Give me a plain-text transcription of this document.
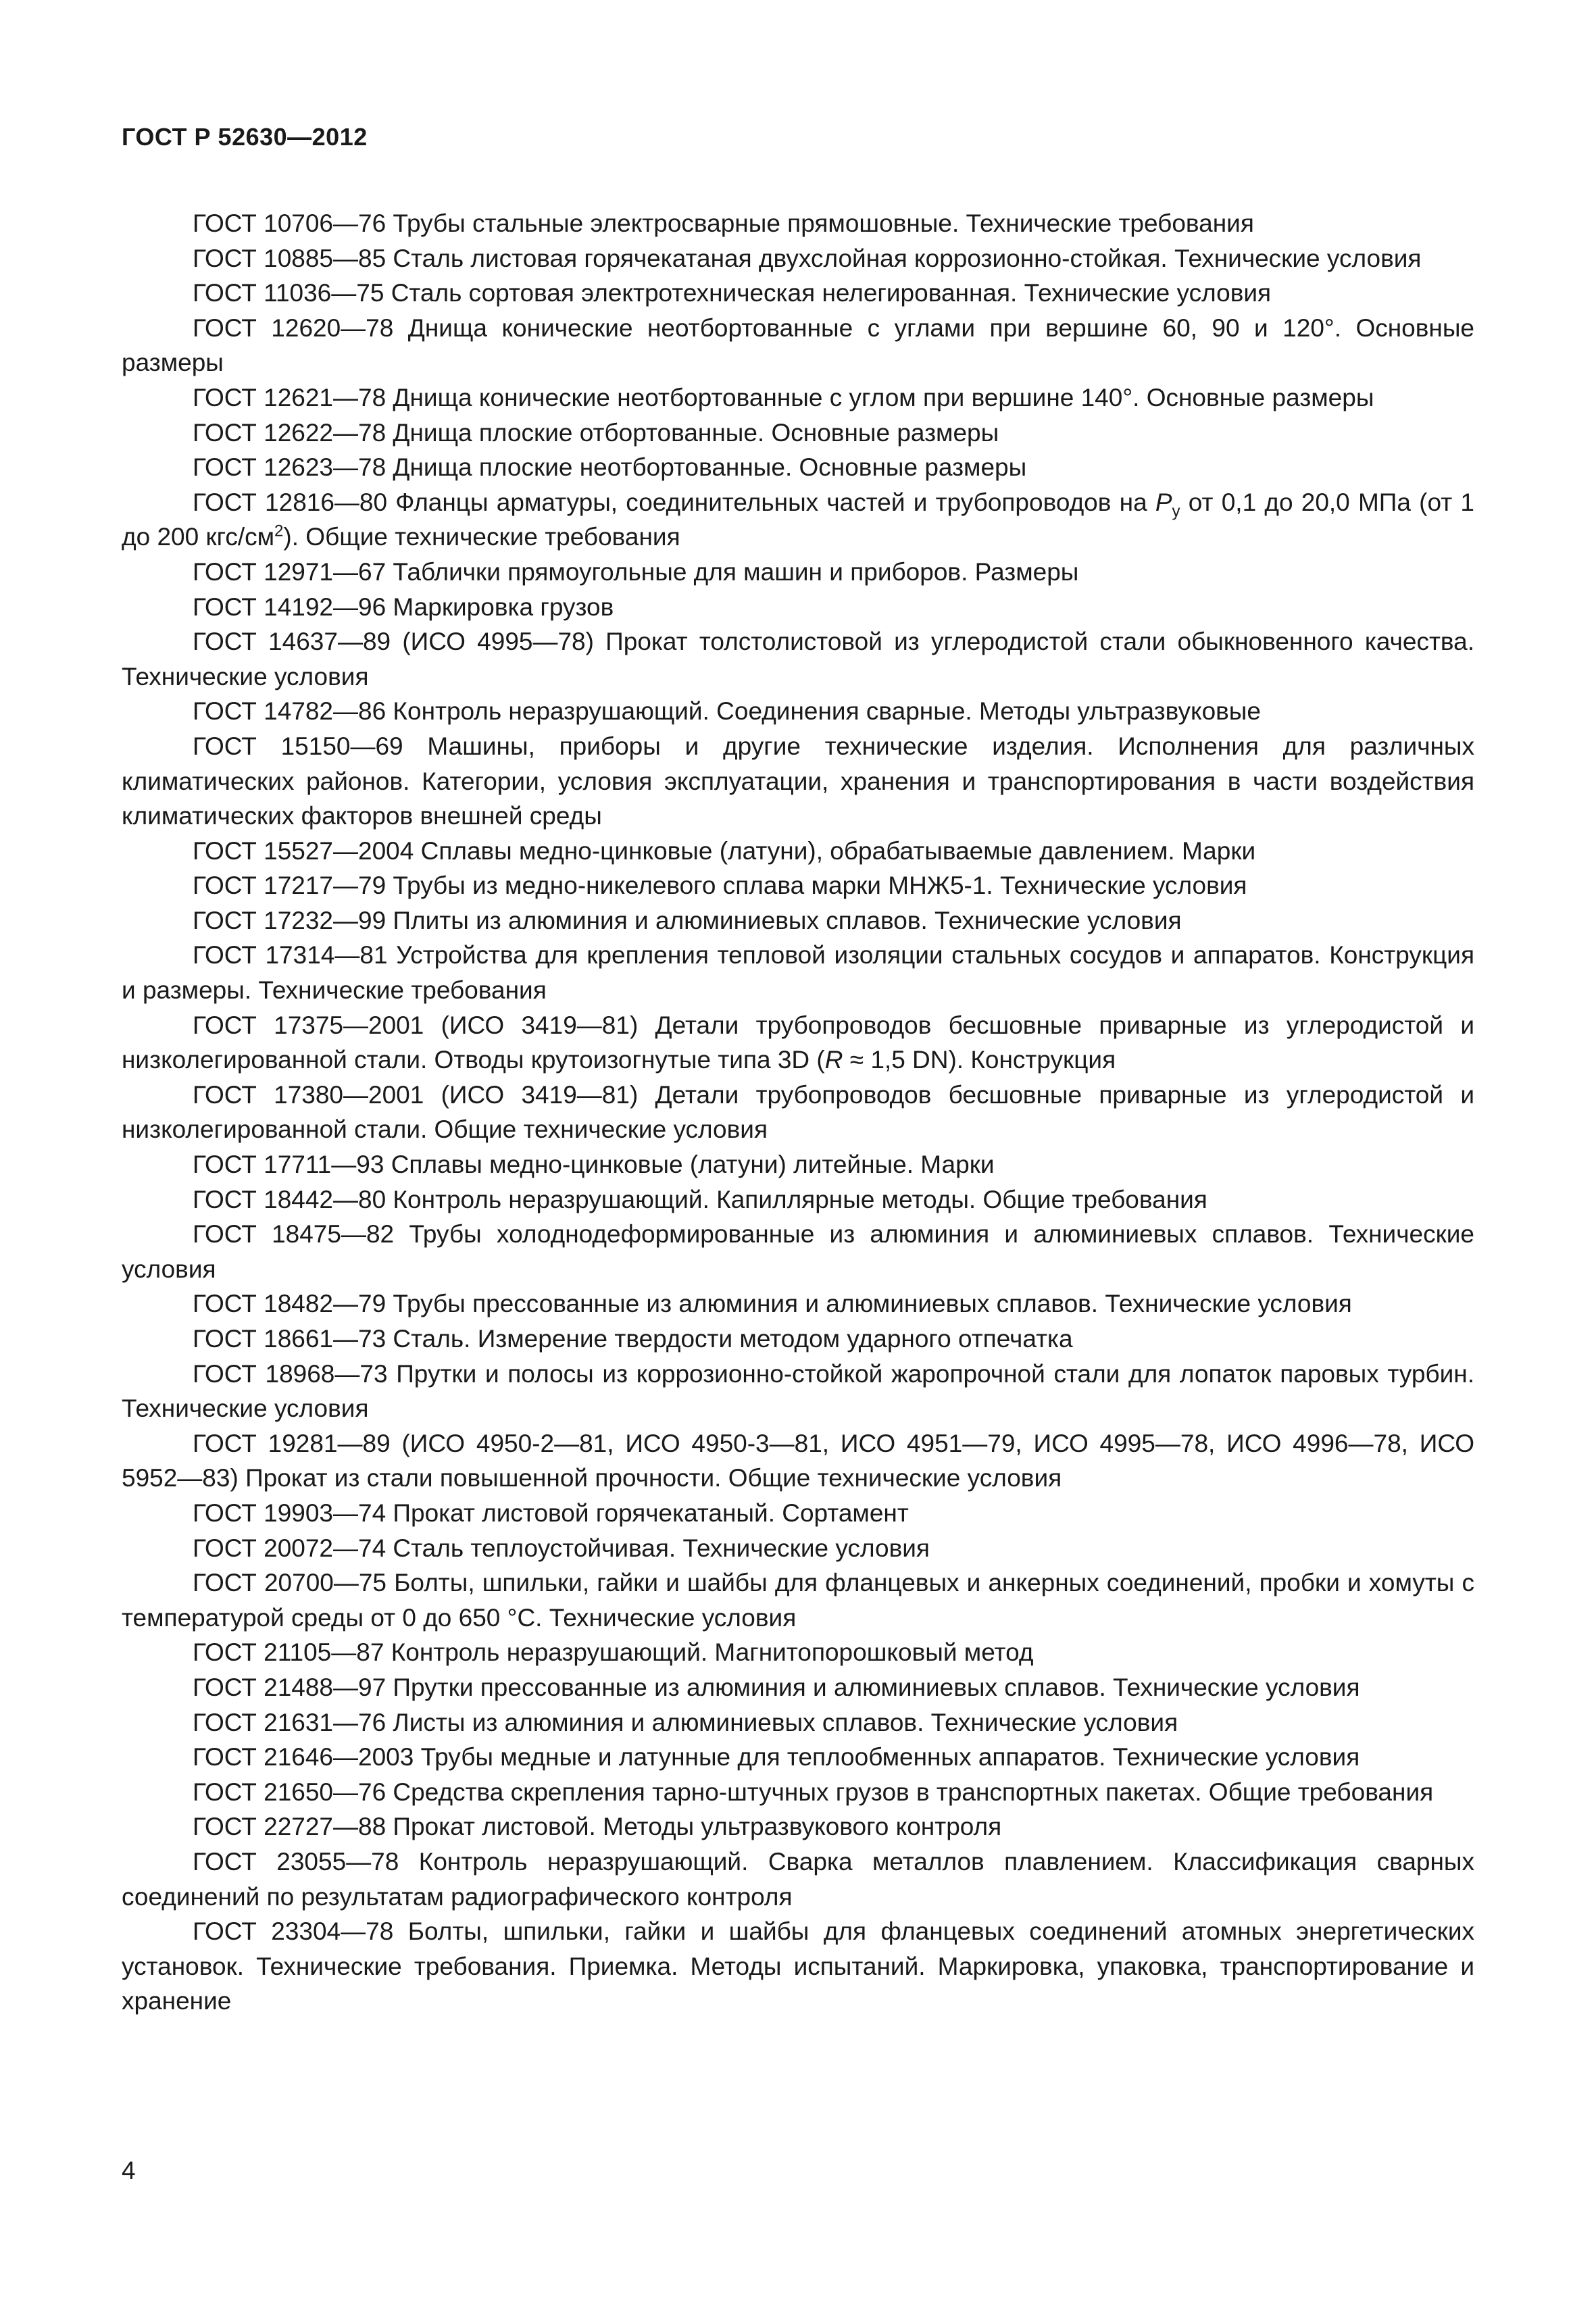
ГОСТ Р 52630—2012

ГОСТ 10706—76 Трубы стальные электросварные прямошовные. Технические требования

ГОСТ 10885—85 Сталь листовая горячекатаная двухслойная коррозионно-стойкая. Технические условия

ГОСТ 11036—75 Сталь сортовая электротехническая нелегированная. Технические условия

ГОСТ 12620—78 Днища конические неотбортованные с углами при вершине 60, 90 и 120°. Основные размеры

ГОСТ 12621—78 Днища конические неотбортованные с углом при вершине 140°. Основные размеры

ГОСТ 12622—78 Днища плоские отбортованные. Основные размеры

ГОСТ 12623—78 Днища плоские неотбортованные. Основные размеры

ГОСТ 12816—80 Фланцы арматуры, соединительных частей и трубопроводов на $P_у$ от 0,1 до 20,0 МПа (от 1 до 200 кгс/$см^2$). Общие технические требования

ГОСТ 12971—67 Таблички прямоугольные для машин и приборов. Размеры

ГОСТ 14192—96 Маркировка грузов

ГОСТ 14637—89 (ИСО 4995—78) Прокат толстолистовой из углеродистой стали обыкновенного качества. Технические условия

ГОСТ 14782—86 Контроль неразрушающий. Соединения сварные. Методы ультразвуковые

ГОСТ 15150—69 Машины, приборы и другие технические изделия. Исполнения для различных климатических районов. Категории, условия эксплуатации, хранения и транспортирования в части воздействия климатических факторов внешней среды

ГОСТ 15527—2004 Сплавы медно-цинковые (латуни), обрабатываемые давлением. Марки

ГОСТ 17217—79 Трубы из медно-никелевого сплава марки МНЖ5-1. Технические условия

ГОСТ 17232—99 Плиты из алюминия и алюминиевых сплавов. Технические условия

ГОСТ 17314—81 Устройства для крепления тепловой изоляции стальных сосудов и аппаратов. Конструкция и размеры. Технические требования

ГОСТ 17375—2001 (ИСО 3419—81) Детали трубопроводов бесшовные приварные из углеродистой и низколегированной стали. Отводы крутоизогнутые типа 3D (R ≈ 1,5 DN). Конструкция

ГОСТ 17380—2001 (ИСО 3419—81) Детали трубопроводов бесшовные приварные из углеродистой и низколегированной стали. Общие технические условия

ГОСТ 17711—93 Сплавы медно-цинковые (латуни) литейные. Марки

ГОСТ 18442—80 Контроль неразрушающий. Капиллярные методы. Общие требования

ГОСТ 18475—82 Трубы холоднодеформированные из алюминия и алюминиевых сплавов. Технические условия

ГОСТ 18482—79 Трубы прессованные из алюминия и алюминиевых сплавов. Технические условия

ГОСТ 18661—73 Сталь. Измерение твердости методом ударного отпечатка

ГОСТ 18968—73 Прутки и полосы из коррозионно-стойкой жаропрочной стали для лопаток паровых турбин. Технические условия

ГОСТ 19281—89 (ИСО 4950-2—81, ИСО 4950-3—81, ИСО 4951—79, ИСО 4995—78, ИСО 4996—78, ИСО 5952—83) Прокат из стали повышенной прочности. Общие технические условия

ГОСТ 19903—74 Прокат листовой горячекатаный. Сортамент

ГОСТ 20072—74 Сталь теплоустойчивая. Технические условия

ГОСТ 20700—75 Болты, шпильки, гайки и шайбы для фланцевых и анкерных соединений, пробки и хомуты с температурой среды от 0 до 650 °С. Технические условия

ГОСТ 21105—87 Контроль неразрушающий. Магнитопорошковый метод

ГОСТ 21488—97 Прутки прессованные из алюминия и алюминиевых сплавов. Технические условия

ГОСТ 21631—76 Листы из алюминия и алюминиевых сплавов. Технические условия

ГОСТ 21646—2003 Трубы медные и латунные для теплообменных аппаратов. Технические условия

ГОСТ 21650—76 Средства скрепления тарно-штучных грузов в транспортных пакетах. Общие требования

ГОСТ 22727—88 Прокат листовой. Методы ультразвукового контроля

ГОСТ 23055—78 Контроль неразрушающий. Сварка металлов плавлением. Классификация сварных соединений по результатам радиографического контроля

ГОСТ 23304—78 Болты, шпильки, гайки и шайбы для фланцевых соединений атомных энергетических установок. Технические требования. Приемка. Методы испытаний. Маркировка, упаковка, транспортирование и хранение

4
